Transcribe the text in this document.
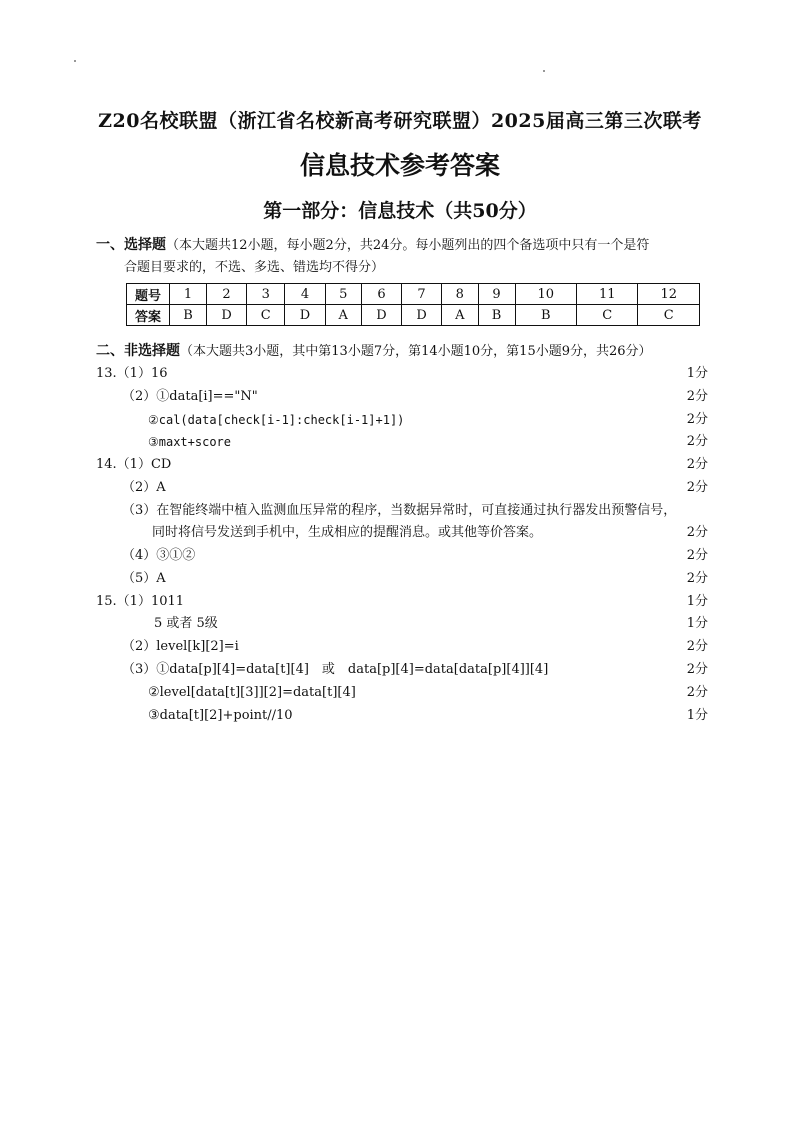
Z20名校联盟（浙江省名校新高考研究联盟）2025届高三第三次联考
信息技术参考答案
第一部分：信息技术（共50分）
一、选择题（本大题共12小题，每小题2分，共24分。每小题列出的四个备选项中只有一个是符
合题目要求的，不选、多选、错选均不得分）
题号	1	2	3	4	5	6	7	8	9	10	11	12
答案	B	D	C	D	A	D	D	A	B	B	C	C
二、非选择题（本大题共3小题，其中第13小题7分，第14小题10分，第15小题9分，共26分）
13.（1）16	1分
（2）①data[i]=="N"	2分
②cal(data[check[i-1]:check[i-1]+1])	2分
③maxt+score	2分
14.（1）CD	2分
（2）A	2分
（3）在智能终端中植入监测血压异常的程序，当数据异常时，可直接通过执行器发出预警信号，
同时将信号发送到手机中，生成相应的提醒消息。或其他等价答案。	2分
（4）③①②	2分
（5）A	2分
15.（1）1011	1分
5 或者 5级	1分
（2）level[k][2]=i	2分
（3）①data[p][4]=data[t][4]　或　data[p][4]=data[data[p][4]][4]	2分
②level[data[t][3]][2]=data[t][4]	2分
③data[t][2]+point//10	1分
